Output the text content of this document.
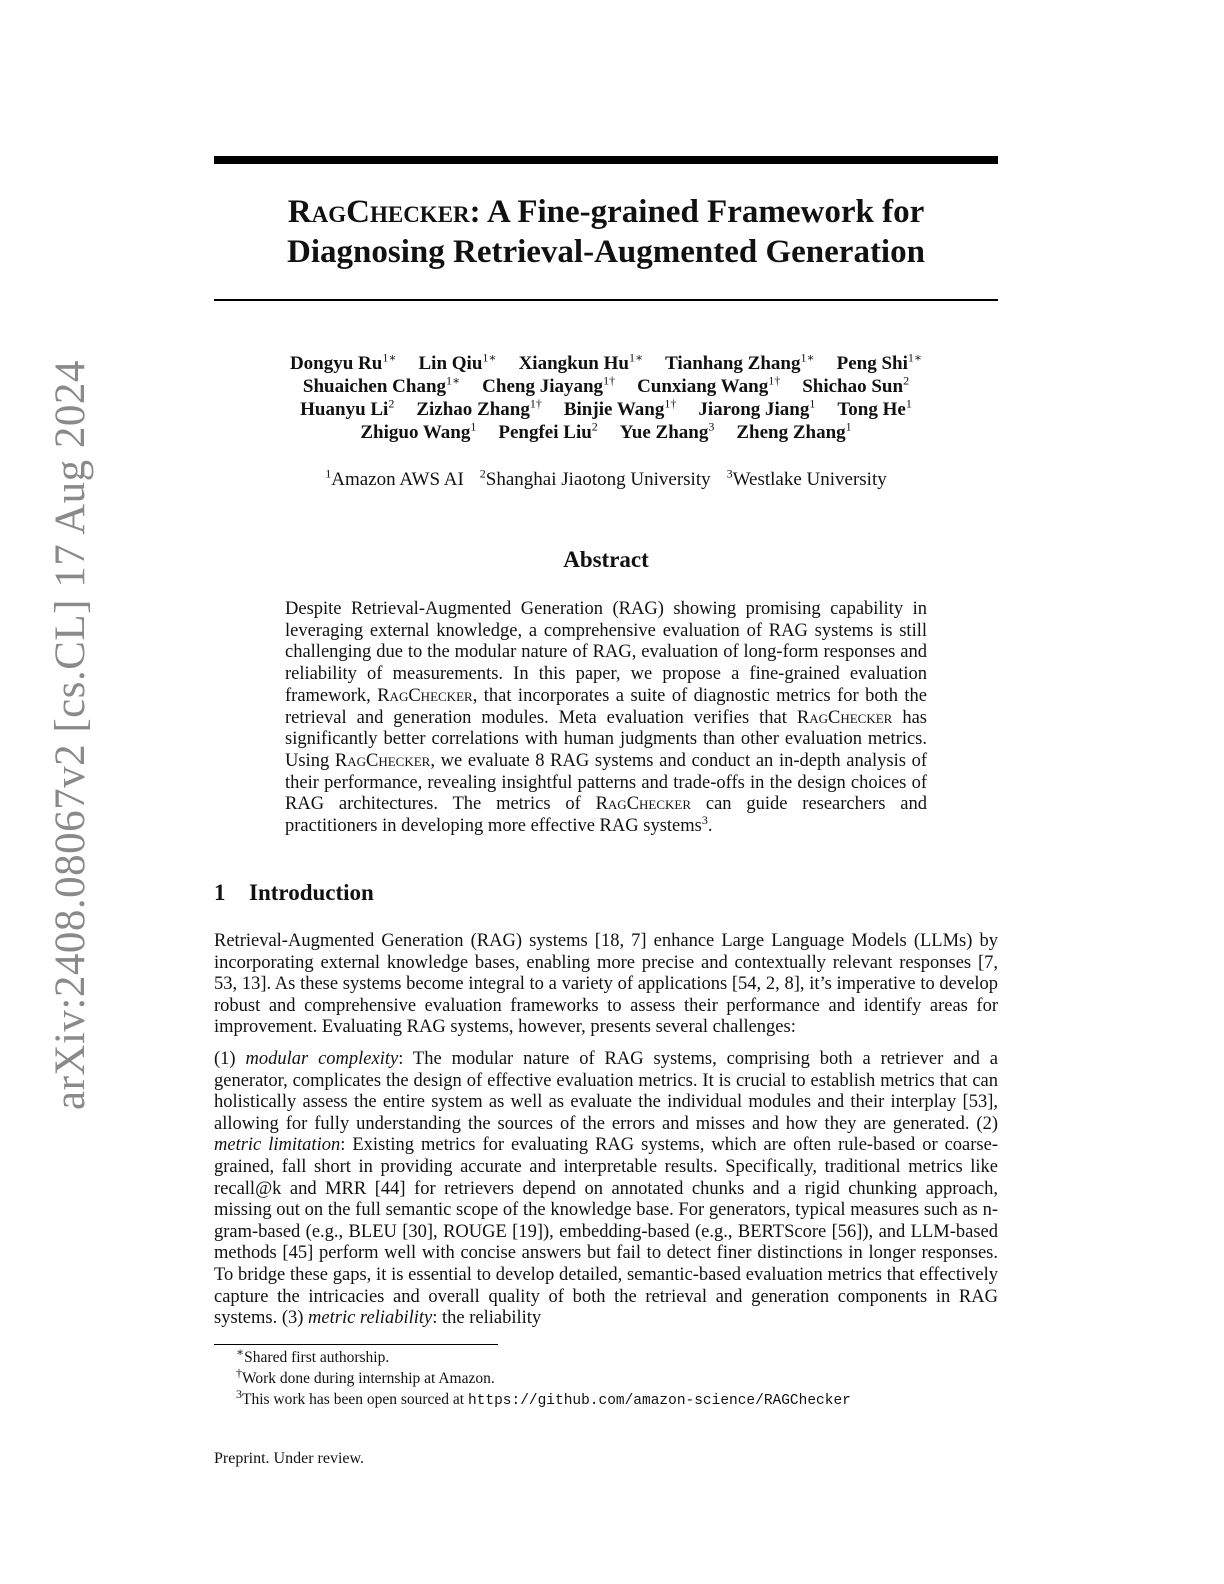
arXiv:2408.08067v2 [cs.CL] 17 Aug 2024
RagChecker: A Fine-grained Framework for
Diagnosing Retrieval-Augmented Generation
Dongyu $Ru^{1∗}$ Lin Qiu$^{1∗}$ Xiangkun $Hu^{1∗}$ Tianhang Zhang$^{1∗}$ Peng Shi$^{1∗}$
Shuaichen Chang$^{1∗}$ Cheng Jiayang$^{1\dagger}$ Cunxiang Wang$^{1\dagger}$ Shichao Sun$^2$
Huanyu Li$^2$ Zizhao Zhang$^{1\dagger}$ Binjie Wang$^{1\dagger}$ Jiarong Jiang$^1$ Tong He$^1$
Zhiguo Wang$^1$ Pengfei Liu$^2$ Yue Zhang$^3$ Zheng Zhang$^1$
$^1$Amazon AWS AI $^2$Shanghai Jiaotong University $^3$Westlake University
Abstract
Despite Retrieval-Augmented Generation (RAG) showing promising capability in leveraging external knowledge, a comprehensive evaluation of RAG systems is still challenging due to the modular nature of RAG, evaluation of long-form responses and reliability of measurements. In this paper, we propose a fine-grained evaluation framework, RagChecker, that incorporates a suite of diagnostic metrics for both the retrieval and generation modules. Meta evaluation verifies that RagChecker has significantly better correlations with human judgments than other evaluation metrics. Using RagChecker, we evaluate 8 RAG systems and conduct an in-depth analysis of their performance, revealing insightful patterns and trade-offs in the design choices of RAG architectures. The metrics of RagChecker can guide researchers and practitioners in developing more effective RAG systems$^3$.
1 Introduction

Retrieval-Augmented Generation (RAG) systems [18, 7] enhance Large Language Models (LLMs) by incorporating external knowledge bases, enabling more precise and contextually relevant responses [7, 53, 13]. As these systems become integral to a variety of applications [54, 2, 8], it’s imperative to develop robust and comprehensive evaluation frameworks to assess their performance and identify areas for improvement. Evaluating RAG systems, however, presents several challenges:

(1) modular complexity: The modular nature of RAG systems, comprising both a retriever and a generator, complicates the design of effective evaluation metrics. It is crucial to establish metrics that can holistically assess the entire system as well as evaluate the individual modules and their interplay [53], allowing for fully understanding the sources of the errors and misses and how they are generated. (2) metric limitation: Existing metrics for evaluating RAG systems, which are often rule-based or coarse-grained, fall short in providing accurate and interpretable results. Specifically, traditional metrics like recall@k and MRR [44] for retrievers depend on annotated chunks and a rigid chunking approach, missing out on the full semantic scope of the knowledge base. For generators, typical measures such as n-gram-based (e.g., BLEU [30], ROUGE [19]), embedding-based (e.g., BERTScore [56]), and LLM-based methods [45] perform well with concise answers but fail to detect finer distinctions in longer responses. To bridge these gaps, it is essential to develop detailed, semantic-based evaluation metrics that effectively capture the intricacies and overall quality of both the retrieval and generation components in RAG systems. (3) metric reliability: the reliability

∗Shared first authorship.
†Work done during internship at Amazon.
$^3$This work has been open sourced at https://github.com/amazon-science/RAGChecker
Preprint. Under review.
